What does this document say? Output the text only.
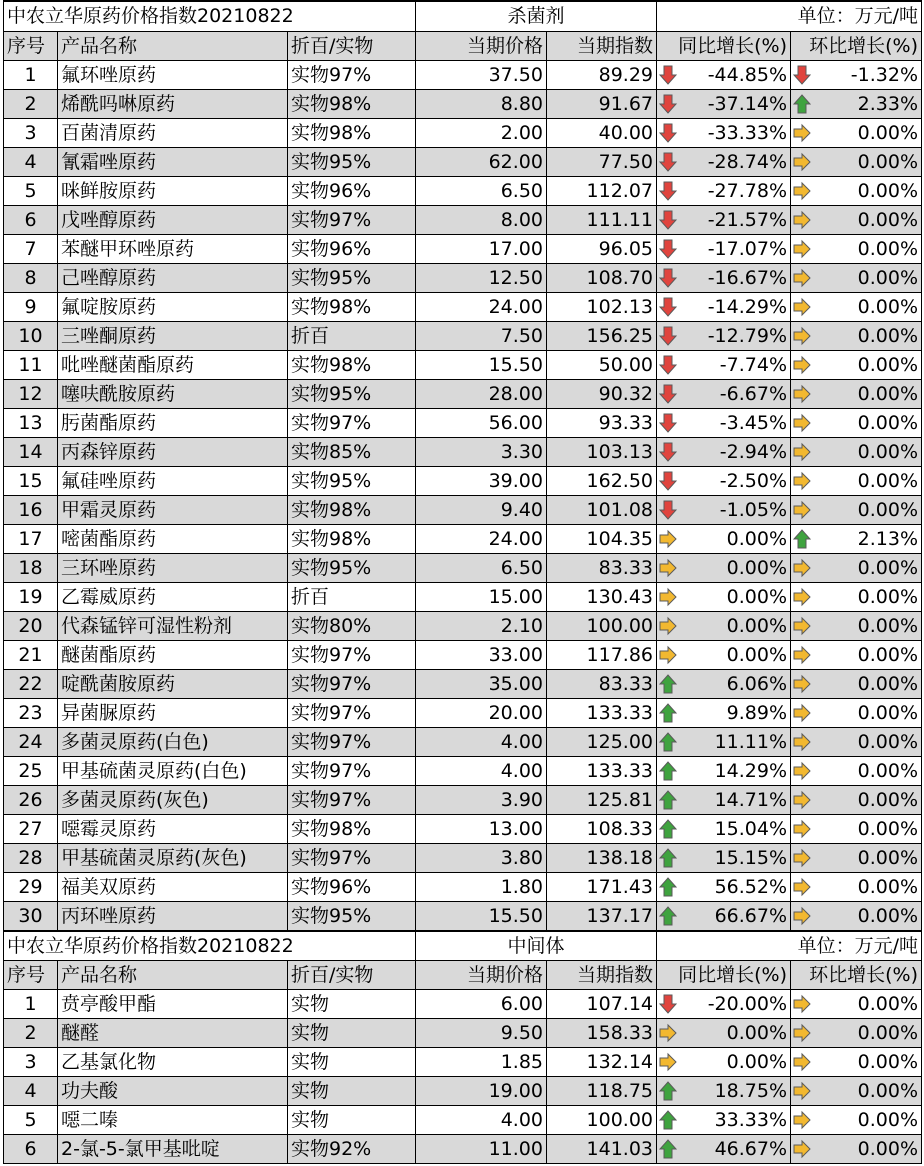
中农立华原药价格指数20210822			杀菌剂		单位：万元/吨	
序号	产品名称	折百/实物	当期价格	当期指数	同比增长(%)	环比增长(%)
1	氟环唑原药	实物97%	37.50	89.29	-44.85%	-1.32%

2	烯酰吗啉原药	实物98%	8.80	91.67	-37.14%	2.33%

3	百菌清原药	实物98%	2.00	40.00	-33.33%	0.00%

4	氰霜唑原药	实物95%	62.00	77.50	-28.74%	0.00%

5	咪鲜胺原药	实物96%	6.50	112.07	-27.78%	0.00%

6	戊唑醇原药	实物97%	8.00	111.11	-21.57%	0.00%

7	苯醚甲环唑原药	实物96%	17.00	96.05	-17.07%	0.00%

8	己唑醇原药	实物95%	12.50	108.70	-16.67%	0.00%

9	氟啶胺原药	实物98%	24.00	102.13	-14.29%	0.00%

10	三唑酮原药	折百	7.50	156.25	-12.79%	0.00%

11	吡唑醚菌酯原药	实物98%	15.50	50.00	-7.74%	0.00%

12	噻呋酰胺原药	实物95%	28.00	90.32	-6.67%	0.00%

13	肟菌酯原药	实物97%	56.00	93.33	-3.45%	0.00%

14	丙森锌原药	实物85%	3.30	103.13	-2.94%	0.00%

15	氟硅唑原药	实物95%	39.00	162.50	-2.50%	0.00%

16	甲霜灵原药	实物98%	9.40	101.08	-1.05%	0.00%

17	嘧菌酯原药	实物98%	24.00	104.35	0.00%	2.13%

18	三环唑原药	实物95%	6.50	83.33	0.00%	0.00%

19	乙霉威原药	折百	15.00	130.43	0.00%	0.00%

20	代森锰锌可湿性粉剂	实物80%	2.10	100.00	0.00%	0.00%

21	醚菌酯原药	实物97%	33.00	117.86	0.00%	0.00%

22	啶酰菌胺原药	实物97%	35.00	83.33	6.06%	0.00%

23	异菌脲原药	实物97%	20.00	133.33	9.89%	0.00%

24	多菌灵原药(白色)	实物97%	4.00	125.00	11.11%	0.00%

25	甲基硫菌灵原药(白色)	实物97%	4.00	133.33	14.29%	0.00%

26	多菌灵原药(灰色)	实物97%	3.90	125.81	14.71%	0.00%

27	噁霉灵原药	实物98%	13.00	108.33	15.04%	0.00%

28	甲基硫菌灵原药(灰色)	实物97%	3.80	138.18	15.15%	0.00%

29	福美双原药	实物96%	1.80	171.43	56.52%	0.00%

30	丙环唑原药	实物95%	15.50	137.17	66.67%	0.00%

中农立华原药价格指数20210822			中间体		单位：万元/吨	
序号	产品名称	折百/实物	当期价格	当期指数	同比增长(%)	环比增长(%)
1	贲亭酸甲酯	实物	6.00	107.14	-20.00%	0.00%

2	醚醛	实物	9.50	158.33	0.00%	0.00%

3	乙基氯化物	实物	1.85	132.14	0.00%	0.00%

4	功夫酸	实物	19.00	118.75	18.75%	0.00%

5	噁二嗪	实物	4.00	100.00	33.33%	0.00%

6	2-氯-5-氯甲基吡啶	实物92%	11.00	141.03	46.67%	0.00%
